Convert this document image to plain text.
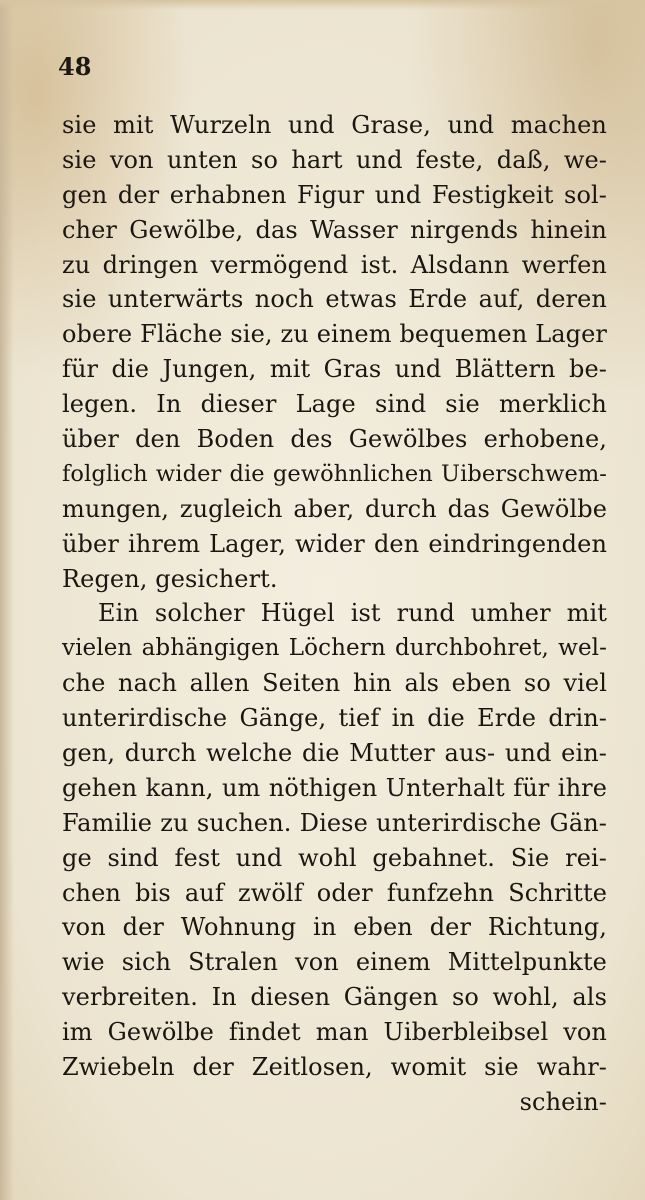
48
sie mit Wurzeln und Grase, und machen
sie von unten so hart und feste, daß, we-
gen der erhabnen Figur und Festigkeit sol-
cher Gewölbe, das Wasser nirgends hinein
zu dringen vermögend ist. Alsdann werfen
sie unterwärts noch etwas Erde auf, deren
obere Fläche sie, zu einem bequemen Lager
für die Jungen, mit Gras und Blättern be-
legen. In dieser Lage sind sie merklich
über den Boden des Gewölbes erhobene,
folglich wider die gewöhnlichen Uiberschwem-
mungen, zugleich aber, durch das Gewölbe
über ihrem Lager, wider den eindringenden
Regen, gesichert.
Ein solcher Hügel ist rund umher mit
vielen abhängigen Löchern durchbohret, wel-
che nach allen Seiten hin als eben so viel
unterirdische Gänge, tief in die Erde drin-
gen, durch welche die Mutter aus- und ein-
gehen kann, um nöthigen Unterhalt für ihre
Familie zu suchen. Diese unterirdische Gän-
ge sind fest und wohl gebahnet. Sie rei-
chen bis auf zwölf oder funfzehn Schritte
von der Wohnung in eben der Richtung,
wie sich Stralen von einem Mittelpunkte
verbreiten. In diesen Gängen so wohl, als
im Gewölbe findet man Uiberbleibsel von
Zwiebeln der Zeitlosen, womit sie wahr-
schein-
